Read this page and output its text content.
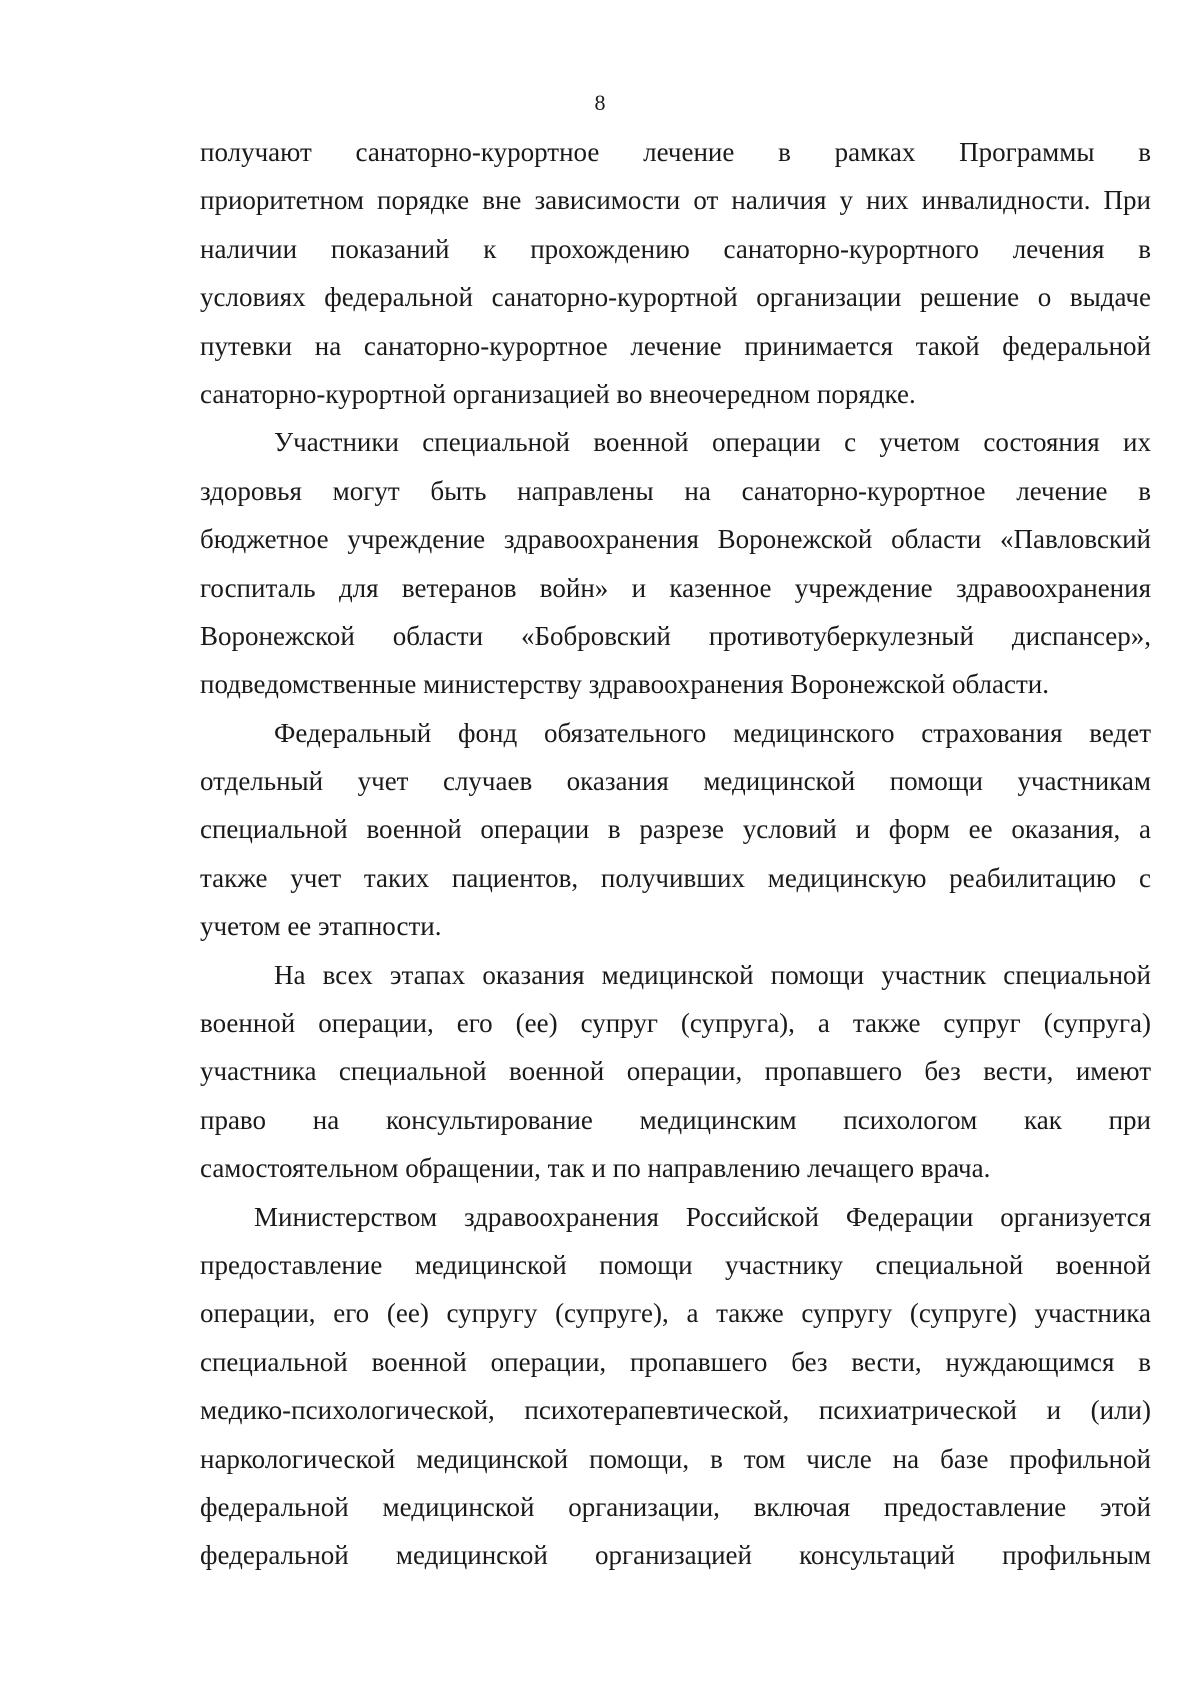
8
получают санаторно-курортное лечение в рамках Программы в
приоритетном порядке вне зависимости от наличия у них инвалидности. При
наличии показаний к прохождению санаторно-курортного лечения в
условиях федеральной санаторно-курортной организации решение о выдаче
путевки на санаторно-курортное лечение принимается такой федеральной
санаторно-курортной организацией во внеочередном порядке.
Участники специальной военной операции с учетом состояния их
здоровья могут быть направлены на санаторно-курортное лечение в
бюджетное учреждение здравоохранения Воронежской области «Павловский
госпиталь для ветеранов войн» и казенное учреждение здравоохранения
Воронежской области «Бобровский противотуберкулезный диспансер»,
подведомственные министерству здравоохранения Воронежской области.
Федеральный фонд обязательного медицинского страхования ведет
отдельный учет случаев оказания медицинской помощи участникам
специальной военной операции в разрезе условий и форм ее оказания, а
также учет таких пациентов, получивших медицинскую реабилитацию с
учетом ее этапности.
На всех этапах оказания медицинской помощи участник специальной
военной операции, его (ее) супруг (супруга), а также супруг (супруга)
участника специальной военной операции, пропавшего без вести, имеют
право на консультирование медицинским психологом как при
самостоятельном обращении, так и по направлению лечащего врача.
Министерством здравоохранения Российской Федерации организуется
предоставление медицинской помощи участнику специальной военной
операции, его (ее) супругу (супруге), а также супругу (супруге) участника
специальной военной операции, пропавшего без вести, нуждающимся в
медико-психологической, психотерапевтической, психиатрической и (или)
наркологической медицинской помощи, в том числе на базе профильной
федеральной медицинской организации, включая предоставление этой
федеральной медицинской организацией консультаций профильным
